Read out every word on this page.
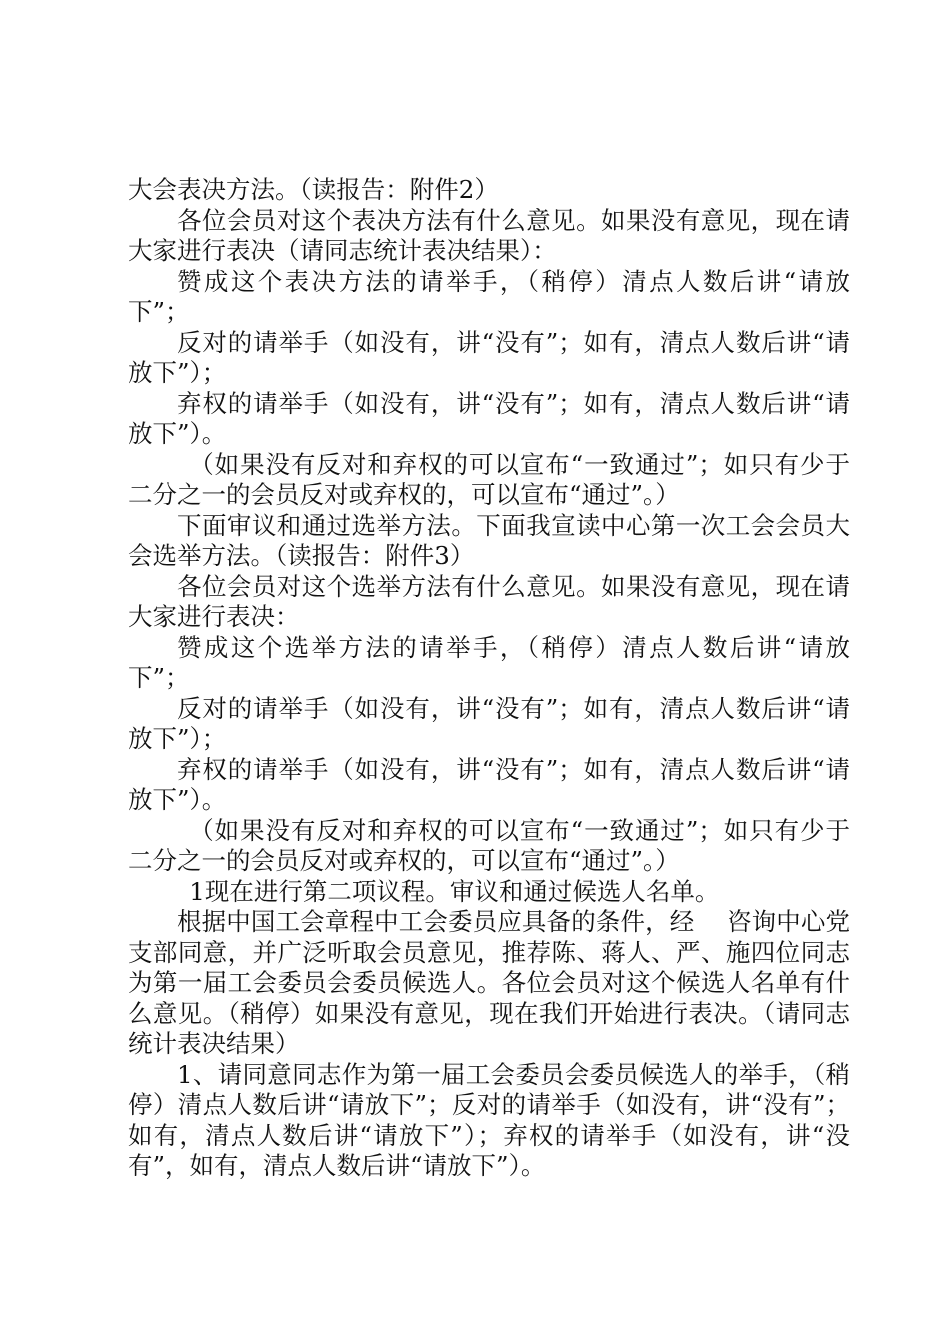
大会表决方法。（读报告：附件2）

各位会员对这个表决方法有什么意见。如果没有意见，现在请大家进行表决（请同志统计表决结果）：

赞成这个表决方法的请举手，（稍停）清点人数后讲“请放下”；

反对的请举手（如没有，讲“没有”；如有，清点人数后讲“请放下”）；

弃权的请举手（如没有，讲“没有”；如有，清点人数后讲“请放下”）。

（如果没有反对和弃权的可以宣布“一致通过”；如只有少于二分之一的会员反对或弃权的，可以宣布“通过”。）

下面审议和通过选举方法。下面我宣读中心第一次工会会员大会选举方法。（读报告：附件3）

各位会员对这个选举方法有什么意见。如果没有意见，现在请大家进行表决：

赞成这个选举方法的请举手，（稍停）清点人数后讲“请放下”；

反对的请举手（如没有，讲“没有”；如有，清点人数后讲“请放下”）；

弃权的请举手（如没有，讲“没有”；如有，清点人数后讲“请放下”）。

（如果没有反对和弃权的可以宣布“一致通过”；如只有少于二分之一的会员反对或弃权的，可以宣布“通过”。）

1现在进行第二项议程。审议和通过候选人名单。

根据中国工会章程中工会委员应具备的条件，经　 咨询中心党支部同意，并广泛听取会员意见，推荐陈、蒋人、严、施四位同志为第一届工会委员会委员候选人。各位会员对这个候选人名单有什么意见。（稍停）如果没有意见，现在我们开始进行表决。（请同志统计表决结果）

1、请同意同志作为第一届工会委员会委员候选人的举手，（稍停）清点人数后讲“请放下”；反对的请举手（如没有，讲“没有”；如有，清点人数后讲“请放下”）；弃权的请举手（如没有，讲“没有”，如有，清点人数后讲“请放下”）。
